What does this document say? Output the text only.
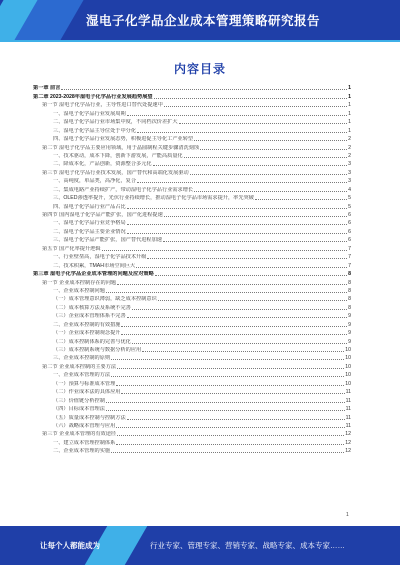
湿电子化学品企业成本管理策略研究报告
内容目录
第一章 前言	1
第二章 2023-2028年湿电子化学品行业发展趋势展望	1
第一节 湿电子化学品行业，主导性进口替代处提速中	1
一、湿电子化学品行业发展周期	1
二、湿电子化学品行业市场集中度，不同档次价差扩大	1
三、湿电子化学品主导位处于中分化	1
四、湿电子化学品行业发展态势，积极进促主导化工产业转型	2
第二节 湿电子化学品主要应用领域，用于晶圆制程关键步骤清洗刻蚀	2
一、技术驱动，成本下降，创新下游发展，产能高质量化	2
二、降成本化，产品创新，资源整合多元化	3
第三节 湿电子化学品行业技术发展，国产替代和高端化发展驱动	3
一、高纯度，单品类，高净化，复合	3
二、集成电路产业持续扩产，带动湿电子化学品行业需求增长	4
三、OLED渗透率提升，光伏行业持续增长，推动湿电子化学品市场需求提升，率先突破	5
四、湿电子化学品行业产品占比	5
第四节 国内湿电子化学品产能扩张，国产化进程提速	6
一、湿电子化学品行业竞争格局	6
二、湿电子化学品主要企业情况	6
三、湿电子化学品产能扩张，国产替代进程加速	6
第五节 国产化率提升逻辑	7
一、行业壁垒高，湿电子化学品技术升级	7
二、技术积累，TMAH市场空间巨大	7
第三章 湿电子化学品企业成本管理的问题及应对策略	8
第一节 企业成本控制存在的问题	8
一、企业成本控制问题	8
（一）成本管理意识薄弱，缺乏成本控制意识	8
（二）成本核算方法及系统不完善	8
（三）企业成本管理体系不完善	9
二、企业成本控制的有效措施	9
（一）企业成本控制观念提升	9
（二）成本控制体系的完善与优化	9
（三）成本控制系统与数据分析的应用	10
三、企业成本控制的原则	10
第二节 企业成本控制的主要方法	10
一、企业成本管理的方法	10
（一）预算与标准成本管理	10
（二）作业成本法的具体应用	11
（三）价值链分析控制	11
（四）目标成本管理法	11
（五）质量成本控制与控制方法	11
（六）战略成本管理与应用	11
第三节 企业成本管理的有效途径	12
一、建立成本管理控制体系	12
二、企业成本管理的实施	12
1
让每个人都能成为	行业专家、管理专家、营销专家、战略专家、成本专家……
